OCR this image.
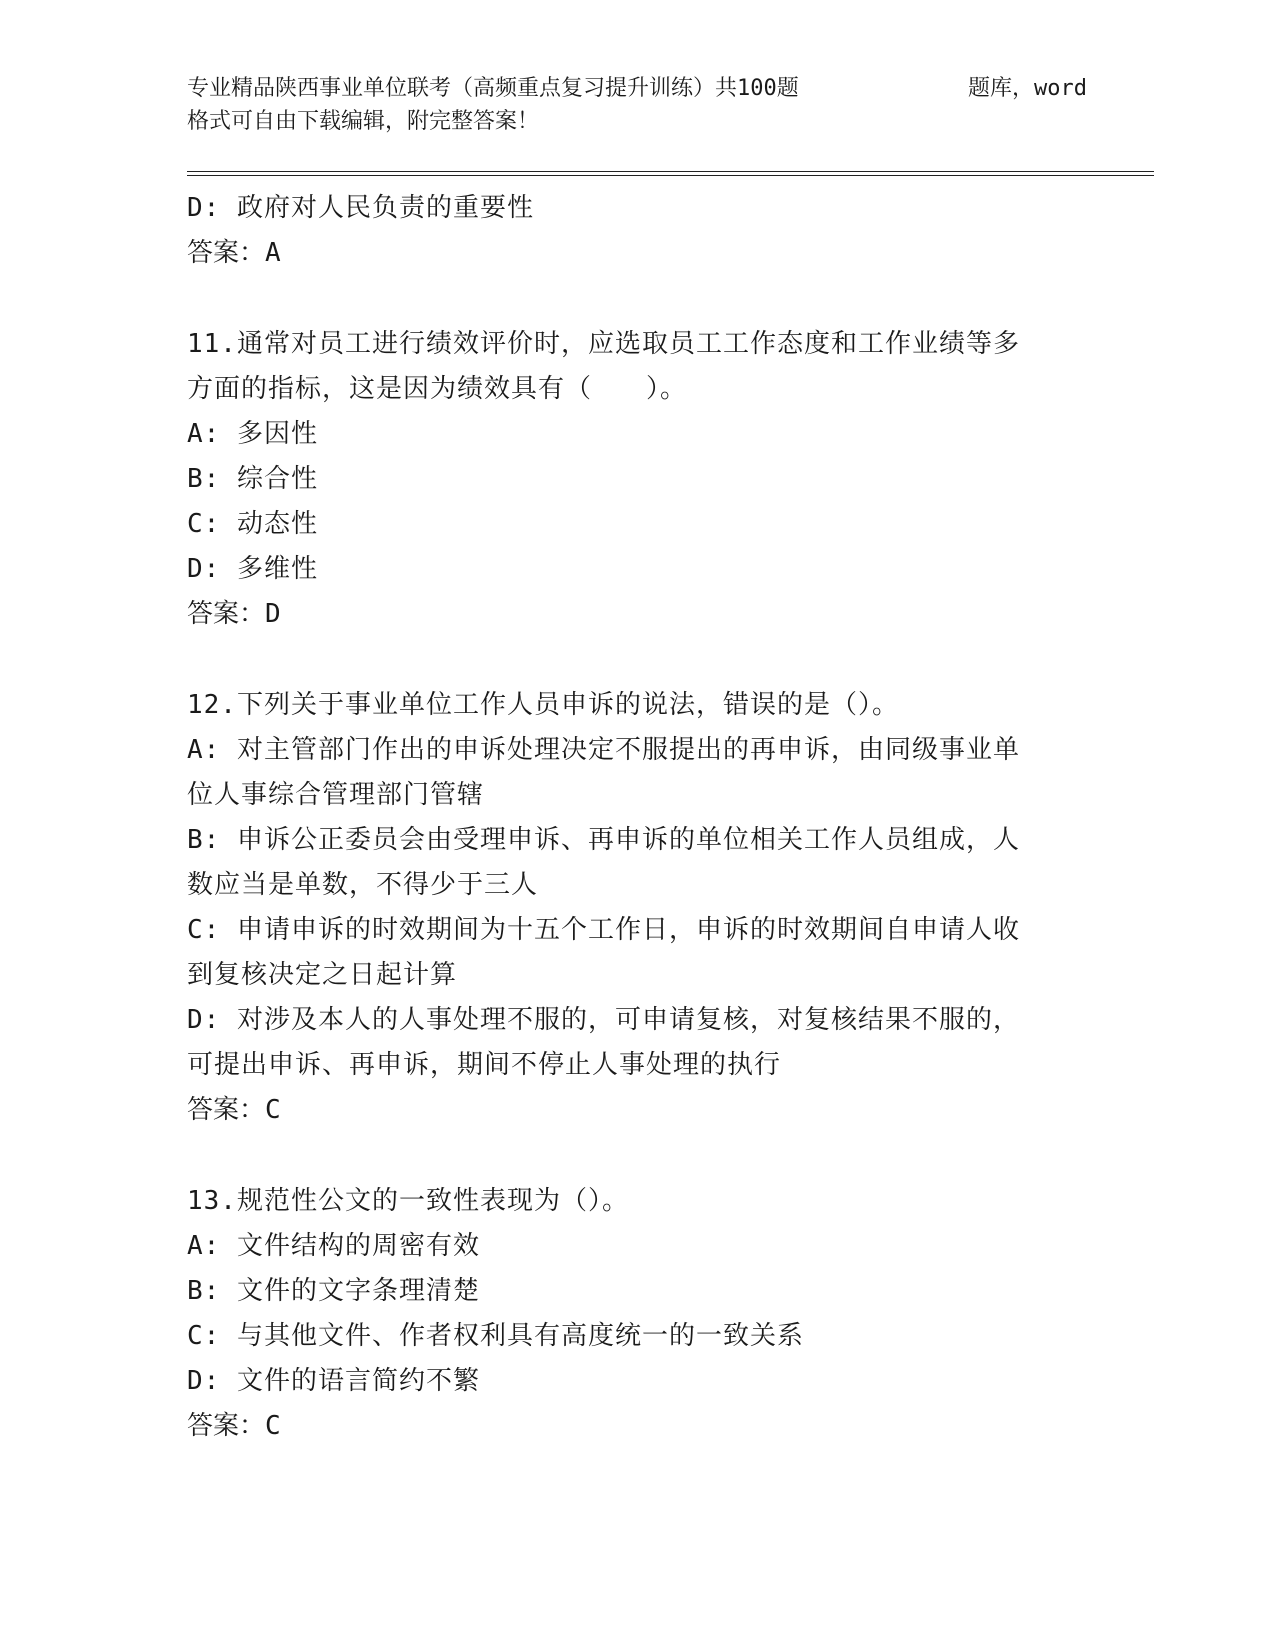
专业精品陕西事业单位联考（高频重点复习提升训练）共100题	题库，word
格式可自由下载编辑，附完整答案！
D: 政府对人民负责的重要性
答案：A
11.通常对员工进行绩效评价时，应选取员工工作态度和工作业绩等多
方面的指标，这是因为绩效具有（　　）。
A: 多因性
B: 综合性
C: 动态性
D: 多维性
答案：D
12.下列关于事业单位工作人员申诉的说法，错误的是（）。
A: 对主管部门作出的申诉处理决定不服提出的再申诉，由同级事业单
位人事综合管理部门管辖
B: 申诉公正委员会由受理申诉、再申诉的单位相关工作人员组成，人
数应当是单数，不得少于三人
C: 申请申诉的时效期间为十五个工作日，申诉的时效期间自申请人收
到复核决定之日起计算
D: 对涉及本人的人事处理不服的，可申请复核，对复核结果不服的，
可提出申诉、再申诉，期间不停止人事处理的执行
答案：C
13.规范性公文的一致性表现为（）。
A: 文件结构的周密有效
B: 文件的文字条理清楚
C: 与其他文件、作者权利具有高度统一的一致关系
D: 文件的语言简约不繁
答案：C
